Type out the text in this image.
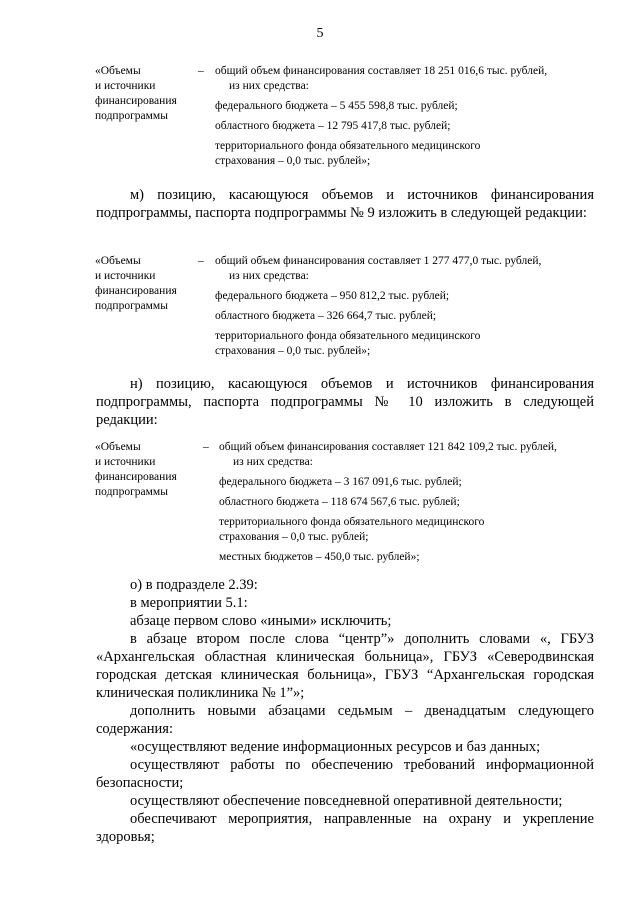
5
«Объемы
и источники
финансирования
подпрограммы
– общий объем финансирования составляет 18 251 016,6 тыс. рублей,

из них средства:

федерального бюджета – 5 455 598,8 тыс. рублей;

областного бюджета – 12 795 417,8 тыс. рублей;

территориального фонда обязательного медицинского

страхования – 0,0 тыс. рублей»;

м) позицию, касающуюся объемов и источников финансирования подпрограммы, паспорта подпрограммы № 9 изложить в следующей редакции:

«Объемы
и источники
финансирования
подпрограммы
– общий объем финансирования составляет 1 277 477,0 тыс. рублей,

из них средства:

федерального бюджета – 950 812,2 тыс. рублей;

областного бюджета – 326 664,7 тыс. рублей;

территориального фонда обязательного медицинского

страхования – 0,0 тыс. рублей»;

н) позицию, касающуюся объемов и источников финансирования подпрограммы, паспорта подпрограммы № 10 изложить в следующей редакции:

«Объемы
и источники
финансирования
подпрограммы
– общий объем финансирования составляет 121 842 109,2 тыс. рублей,

из них средства:

федерального бюджета – 3 167 091,6 тыс. рублей;

областного бюджета – 118 674 567,6 тыс. рублей;

территориального фонда обязательного медицинского

страхования – 0,0 тыс. рублей;

местных бюджетов – 450,0 тыс. рублей»;

о) в подразделе 2.39:

в мероприятии 5.1:

абзаце первом слово «иными» исключить;

в абзаце втором после слова “центр”» дополнить словами «, ГБУЗ «Архангельская областная клиническая больница», ГБУЗ «Северодвинская городская детская клиническая больница», ГБУЗ “Архангельская городская клиническая поликлиника № 1”»;

дополнить новыми абзацами седьмым – двенадцатым следующего содержания:

«осуществляют ведение информационных ресурсов и баз данных;

осуществляют работы по обеспечению требований информационной безопасности;

осуществляют обеспечение повседневной оперативной деятельности;

обеспечивают мероприятия, направленные на охрану и укрепление здоровья;
